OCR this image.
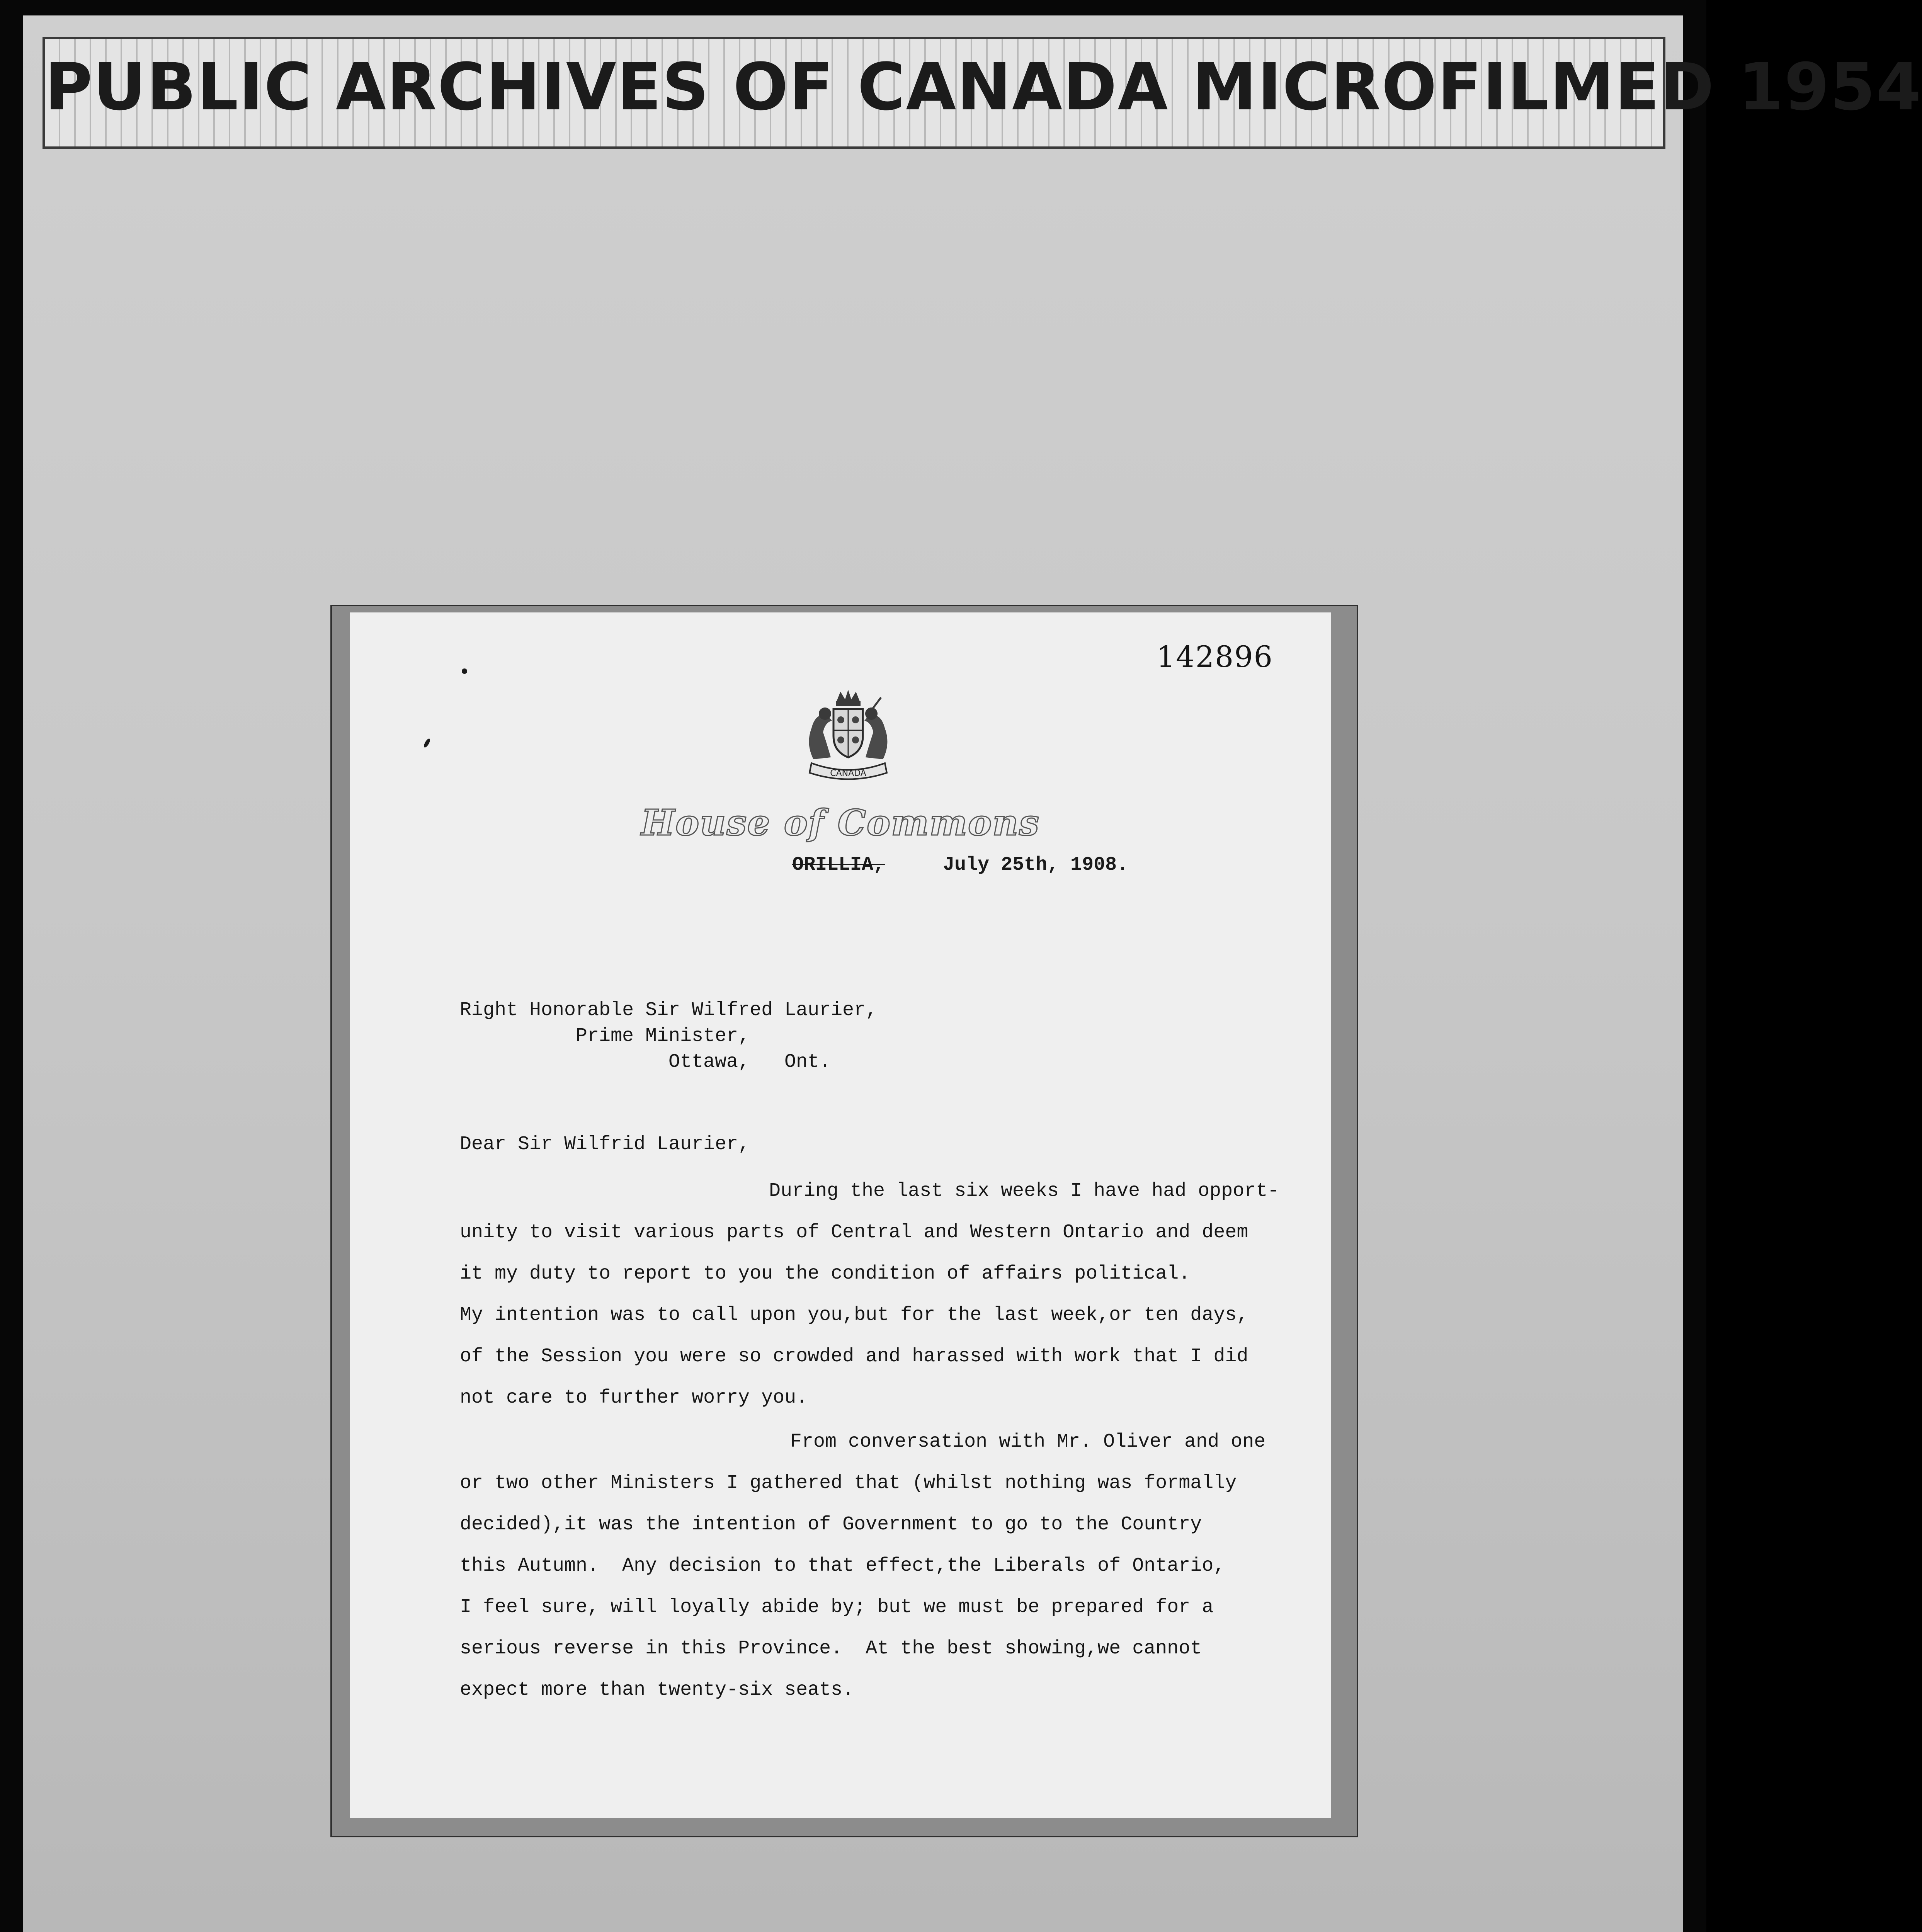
PUBLIC ARCHIVES OF CANADA MICROFILMED 1954
142896
CANADA
House of Commons
ORILLIA,	July 25th, 1908.
Right Honorable Sir Wilfred Laurier,
Prime Minister,
Ottawa,   Ont.
Dear Sir Wilfrid Laurier,
During the last six weeks I have had opport-
unity to visit various parts of Central and Western Ontario and deem
it my duty to report to you the condition of affairs political.
My intention was to call upon you,but for the last week,or ten days,
of the Session you were so crowded and harassed with work that I did
not care to further worry you.
From conversation with Mr. Oliver and one
or two other Ministers I gathered that (whilst nothing was formally
decided),it was the intention of Government to go to the Country
this Autumn.  Any decision to that effect,the Liberals of Ontario,
I feel sure, will loyally abide by; but we must be prepared for a
serious reverse in this Province.  At the best showing,we cannot
expect more than twenty-six seats.
